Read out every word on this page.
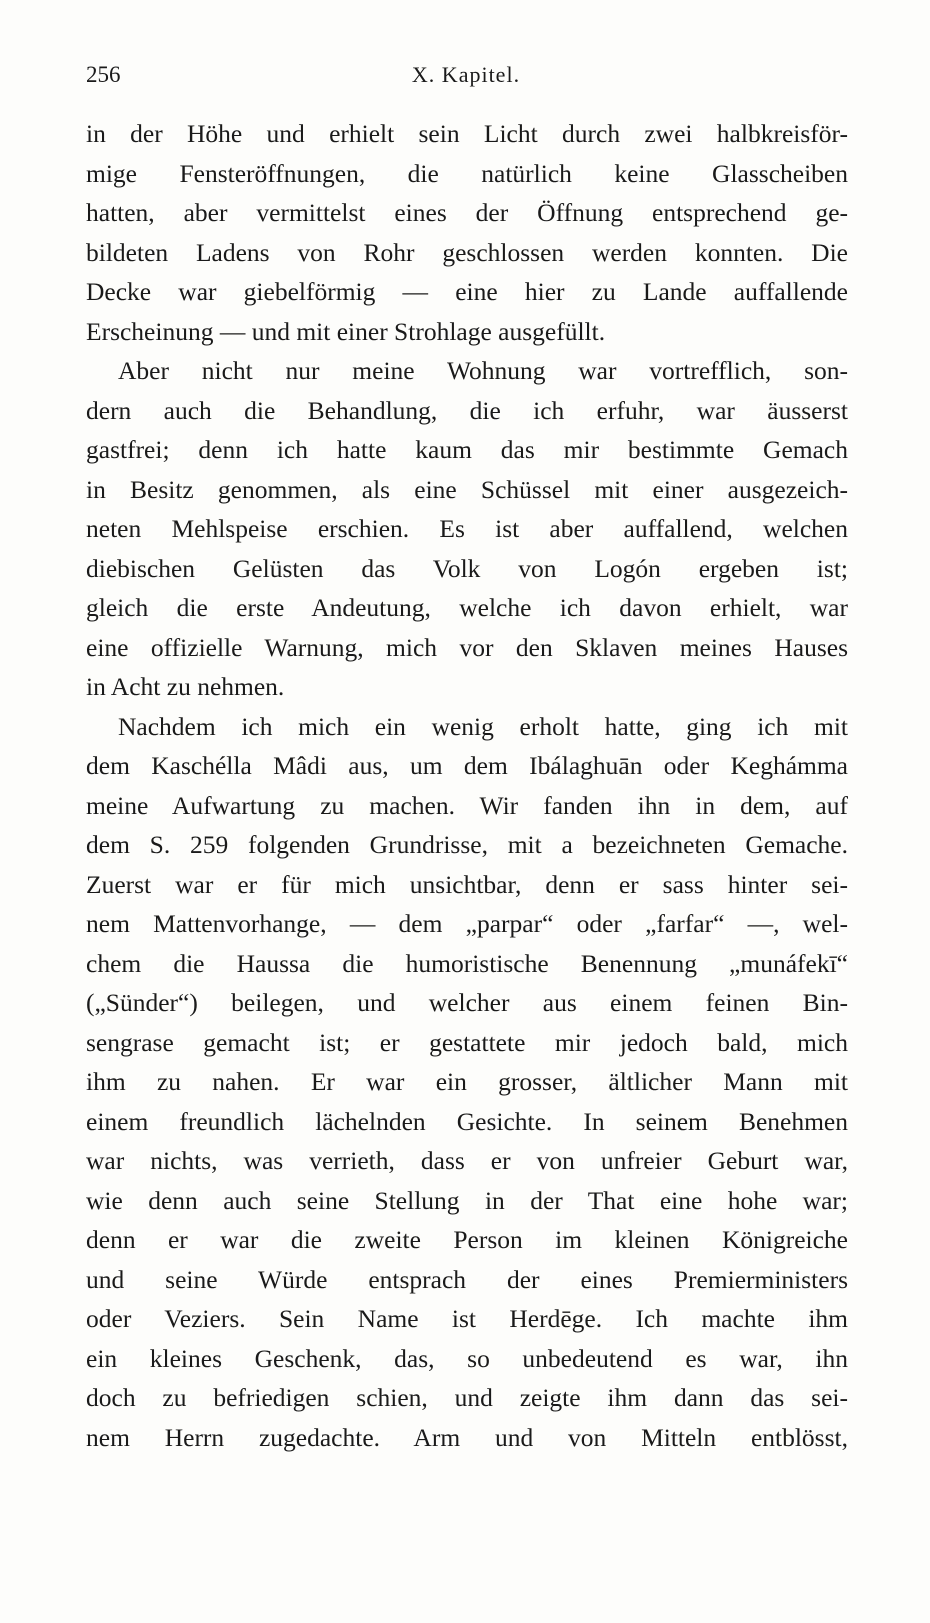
256	X. Kapitel.
in der Höhe und erhielt sein Licht durch zwei halbkreisför-
mige Fensteröffnungen, die natürlich keine Glasscheiben
hatten, aber vermittelst eines der Öffnung entsprechend ge-
bildeten Ladens von Rohr geschlossen werden konnten. Die
Decke war giebelförmig — eine hier zu Lande auffallende
Erscheinung — und mit einer Strohlage ausgefüllt.
Aber nicht nur meine Wohnung war vortrefflich, son-
dern auch die Behandlung, die ich erfuhr, war äusserst
gastfrei; denn ich hatte kaum das mir bestimmte Gemach
in Besitz genommen, als eine Schüssel mit einer ausgezeich-
neten Mehlspeise erschien. Es ist aber auffallend, welchen
diebischen Gelüsten das Volk von Logón ergeben ist;
gleich die erste Andeutung, welche ich davon erhielt, war
eine offizielle Warnung, mich vor den Sklaven meines Hauses
in Acht zu nehmen.
Nachdem ich mich ein wenig erholt hatte, ging ich mit
dem Kaschélla Mâdi aus, um dem Ibálaghuān oder Keghámma
meine Aufwartung zu machen. Wir fanden ihn in dem, auf
dem S. 259 folgenden Grundrisse, mit a bezeichneten Gemache.
Zuerst war er für mich unsichtbar, denn er sass hinter sei-
nem Mattenvorhange, — dem „parpar“ oder „farfar“ —, wel-
chem die Haussa die humoristische Benennung „munáfekī“
(„Sünder“) beilegen, und welcher aus einem feinen Bin-
sengrase gemacht ist; er gestattete mir jedoch bald, mich
ihm zu nahen. Er war ein grosser, ältlicher Mann mit
einem freundlich lächelnden Gesichte. In seinem Benehmen
war nichts, was verrieth, dass er von unfreier Geburt war,
wie denn auch seine Stellung in der That eine hohe war;
denn er war die zweite Person im kleinen Königreiche
und seine Würde entsprach der eines Premierministers
oder Veziers. Sein Name ist Herdēge. Ich machte ihm
ein kleines Geschenk, das, so unbedeutend es war, ihn
doch zu befriedigen schien, und zeigte ihm dann das sei-
nem Herrn zugedachte. Arm und von Mitteln entblösst,
